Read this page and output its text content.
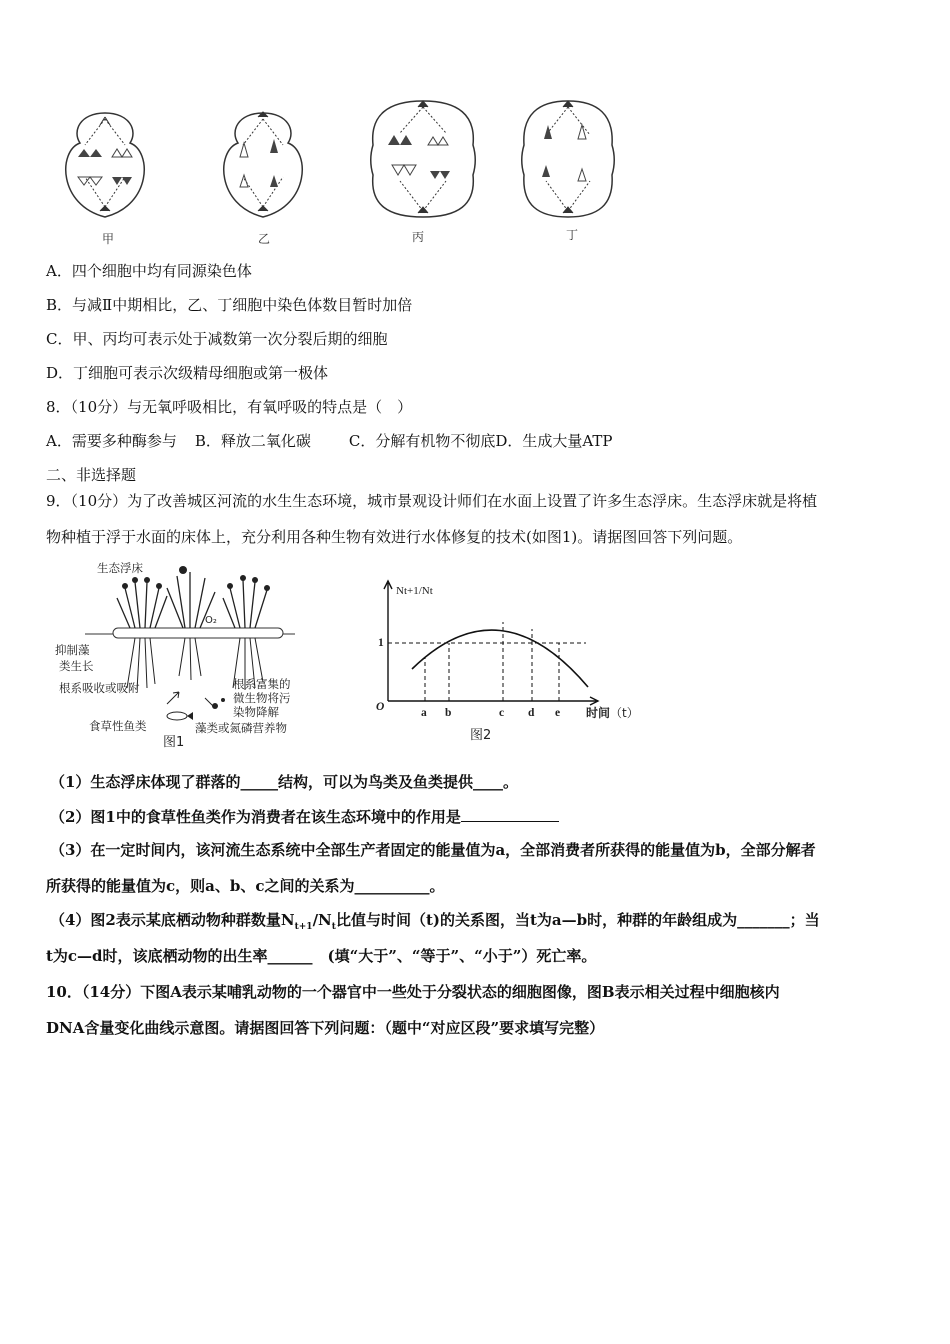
甲	乙	丙	丁
A．四个细胞中均有同源染色体
B．与减Ⅱ中期相比，乙、丁细胞中染色体数目暂时加倍
C．甲、丙均可表示处于减数第一次分裂后期的细胞
D．丁细胞可表示次级精母细胞或第一极体
8．（10分）与无氧呼吸相比，有氧呼吸的特点是（　）
A．需要多种酶参与 B．释放二氧化碳	C．分解有机物不彻底D．生成大量ATP
二、非选择题
9．（10分）为了改善城区河流的水生生态环境，城市景观设计师们在水面上设置了许多生态浮床。生态浮床就是将植
物种植于浮于水面的床体上，充分利用各种生物有效进行水体修复的技术(如图1)。请据图回答下列问题。
生态浮床
O₂
抑制藻
类生长
根系吸收或吸附
食草性鱼类
根系富集的
微生物将污
染物降解
藻类或氮磷营养物
图1
Nt+1/Nt
1
O	a b	c d e 时间（t）
图2
（1）生态浮床体现了群落的_____结构，可以为鸟类及鱼类提供____。
（2）图1中的食草性鱼类作为消费者在该生态环境中的作用是
（3）在一定时间内，该河流生态系统中全部生产者固定的能量值为a，全部消费者所获得的能量值为b，全部分解者
所获得的能量值为c，则a、b、c之间的关系为__________。
（4）图2表示某底栖动物种群数量$N_{t+1}/N_t$比值与时间（t)的关系图，当t为a—b时，种群的年龄组成为_______；当
t为c—d时，该底栖动物的出生率______　(填“大于”、“等于”、“小于”）死亡率。
10．（14分）下图A表示某哺乳动物的一个器官中一些处于分裂状态的细胞图像，图B表示相关过程中细胞核内
DNA含量变化曲线示意图。请据图回答下列问题：（题中“对应区段”要求填写完整）
